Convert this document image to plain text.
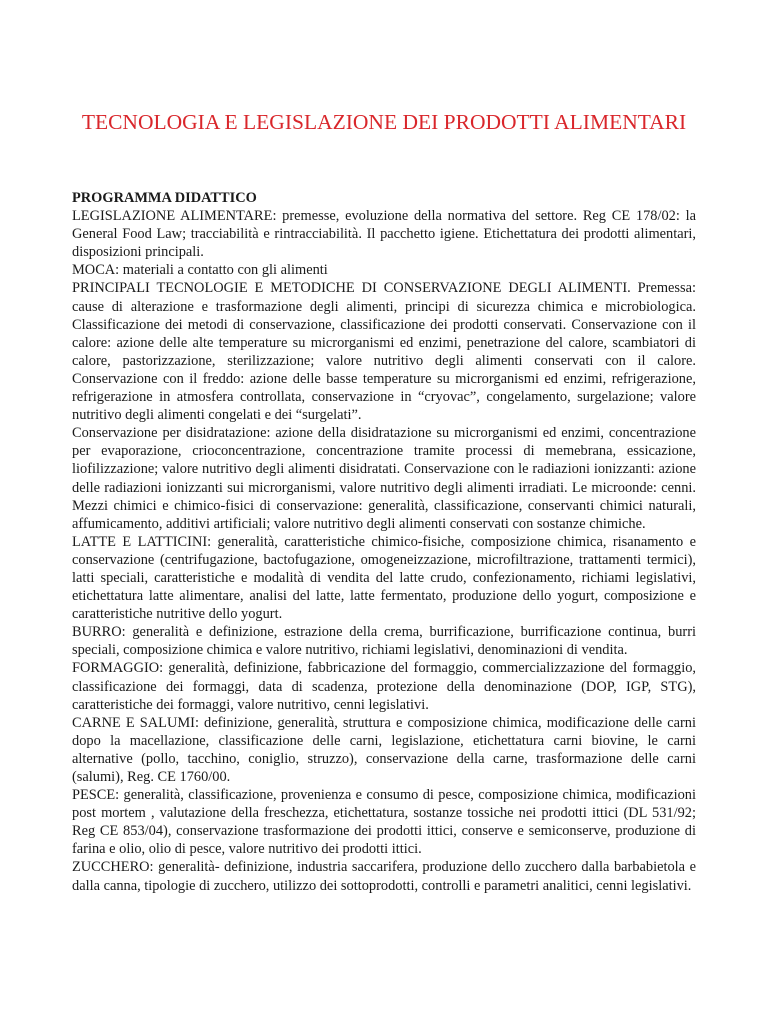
TECNOLOGIA E LEGISLAZIONE DEI PRODOTTI ALIMENTARI

PROGRAMMA DIDATTICO

LEGISLAZIONE ALIMENTARE: premesse, evoluzione della normativa del settore. Reg CE 178/02: la General Food Law; tracciabilità e rintracciabilità. Il pacchetto igiene. Etichettatura dei prodotti alimentari, disposizioni principali.

MOCA: materiali a contatto con gli alimenti

PRINCIPALI TECNOLOGIE E METODICHE DI CONSERVAZIONE DEGLI ALIMENTI. Premessa: cause di alterazione e trasformazione degli alimenti, principi di sicurezza chimica e microbiologica. Classificazione dei metodi di conservazione, classificazione dei prodotti conservati. Conservazione con il calore: azione delle alte temperature su microrganismi ed enzimi, penetrazione del calore, scambiatori di calore, pastorizzazione, sterilizzazione; valore nutritivo degli alimenti conservati con il calore. Conservazione con il freddo: azione delle basse temperature su microrganismi ed enzimi, refrigerazione, refrigerazione in atmosfera controllata, conservazione in “cryovac”, congelamento, surgelazione; valore nutritivo degli alimenti congelati e dei “surgelati”.

Conservazione per disidratazione: azione della disidratazione su microrganismi ed enzimi, concentrazione per evaporazione, crioconcentrazione, concentrazione tramite processi di memebrana, essicazione, liofilizzazione; valore nutritivo degli alimenti disidratati. Conservazione con le radiazioni ionizzanti: azione delle radiazioni ionizzanti sui microrganismi, valore nutritivo degli alimenti irradiati. Le microonde: cenni. Mezzi chimici e chimico-fisici di conservazione: generalità, classificazione, conservanti chimici naturali, affumicamento, additivi artificiali; valore nutritivo degli alimenti conservati con sostanze chimiche.

LATTE E LATTICINI: generalità, caratteristiche chimico-fisiche, composizione chimica, risanamento e conservazione (centrifugazione, bactofugazione, omogeneizzazione, microfiltrazione, trattamenti termici), latti speciali, caratteristiche e modalità di vendita del latte crudo, confezionamento, richiami legislativi, etichettatura latte alimentare, analisi del latte, latte fermentato, produzione dello yogurt, composizione e caratteristiche nutritive dello yogurt.

BURRO: generalità e definizione, estrazione della crema, burrificazione, burrificazione continua, burri speciali, composizione chimica e valore nutritivo, richiami legislativi, denominazioni di vendita.

FORMAGGIO: generalità, definizione, fabbricazione del formaggio, commercializzazione del formaggio, classificazione dei formaggi, data di scadenza, protezione della denominazione (DOP, IGP, STG), caratteristiche dei formaggi, valore nutritivo, cenni legislativi.

CARNE E SALUMI: definizione, generalità, struttura e composizione chimica, modificazione delle carni dopo la macellazione, classificazione delle carni, legislazione, etichettatura carni biovine, le carni alternative (pollo, tacchino, coniglio, struzzo), conservazione della carne, trasformazione delle carni (salumi), Reg. CE 1760/00.

PESCE: generalità, classificazione, provenienza e consumo di pesce, composizione chimica, modificazioni post mortem , valutazione della freschezza, etichettatura, sostanze tossiche nei prodotti ittici (DL 531/92; Reg CE 853/04), conservazione trasformazione dei prodotti ittici, conserve e semiconserve, produzione di farina e olio, olio di pesce, valore nutritivo dei prodotti ittici.

ZUCCHERO: generalità- definizione, industria saccarifera, produzione dello zucchero dalla barbabietola e dalla canna, tipologie di zucchero, utilizzo dei sottoprodotti, controlli e parametri analitici, cenni legislativi.
